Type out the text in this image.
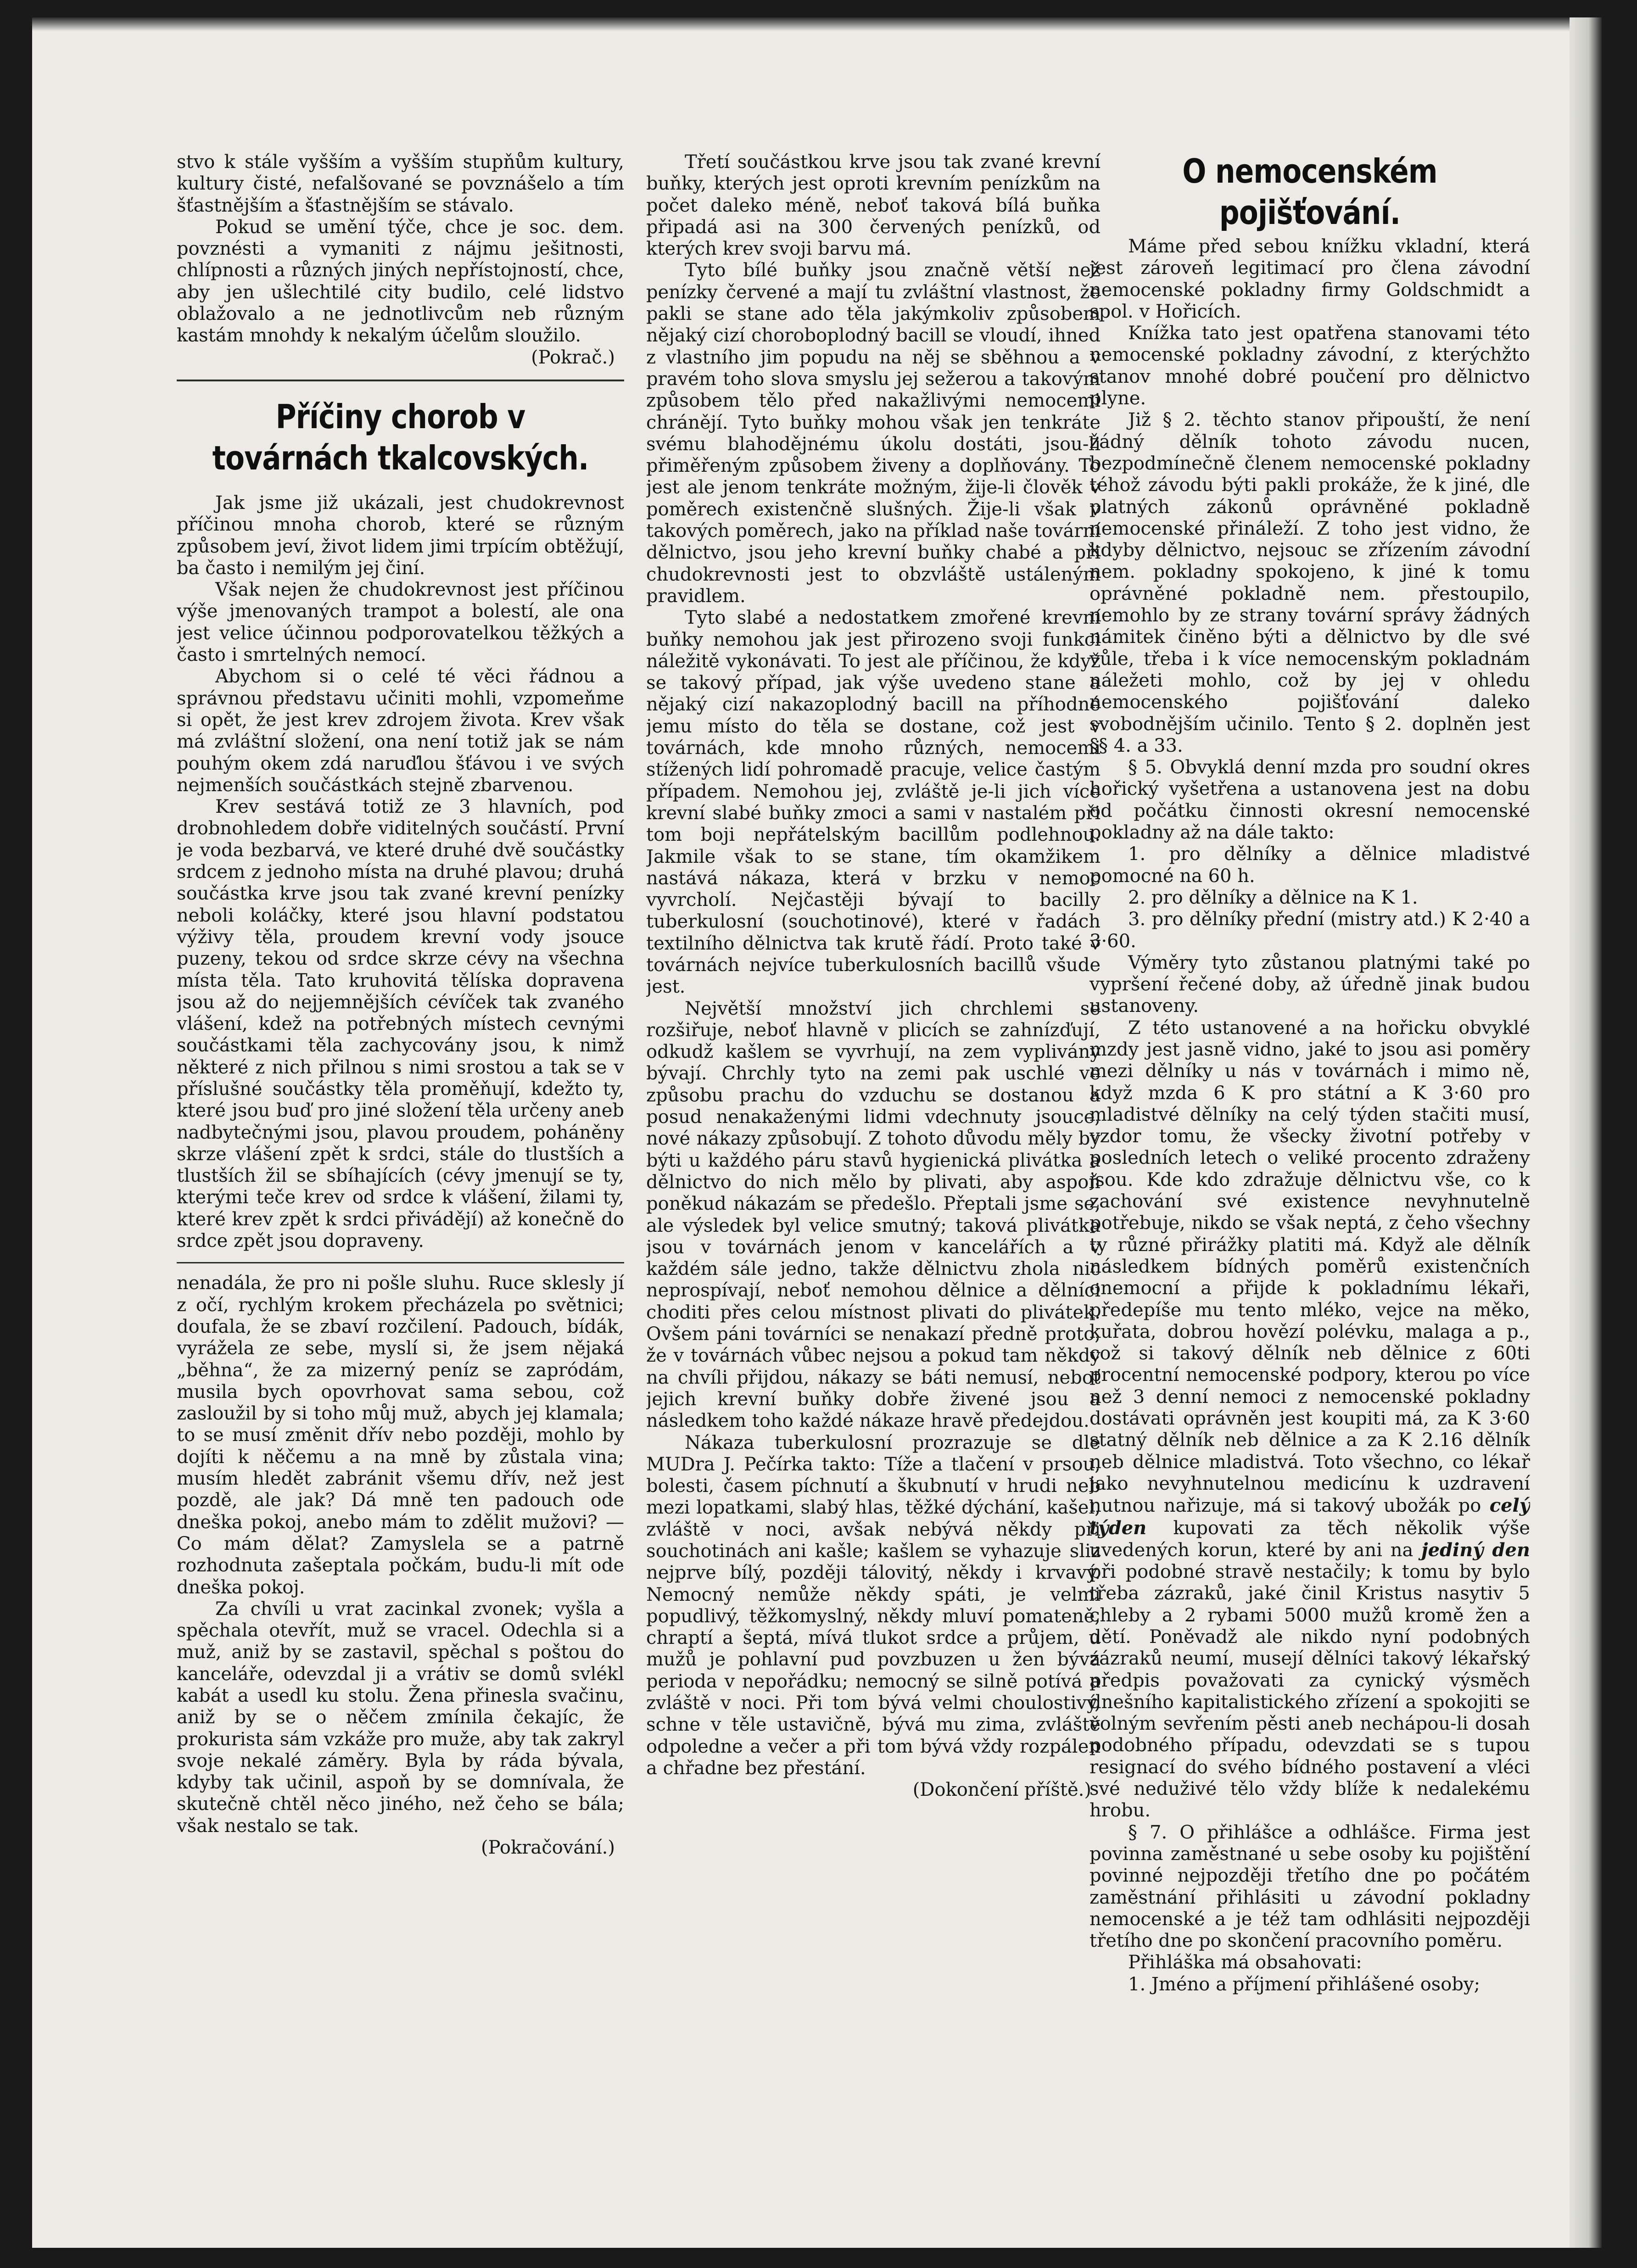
stvo k stále vyšším a vyšším stupňům kultury, kultury čisté, nefalšované se povznášelo a tím šťastnějším a šťastnějším se stávalo.

Pokud se umění týče, chce je soc. dem. povznésti a vymaniti z nájmu ješitnosti, chlípnosti a různých jiných nepřístojností, chce, aby jen ušlechtilé city budilo, celé lidstvo oblažovalo a ne jednotlivcům neb různým kastám mnohdy k nekalým účelům sloužilo.

(Pokrač.)

Příčiny chorob v továrnách tkalcovských.

Jak jsme již ukázali, jest chudokrevnost příčinou mnoha chorob, které se různým způsobem jeví, život lidem jimi trpícím obtěžují, ba často i nemilým jej činí.

Však nejen že chudokrevnost jest příčinou výše jmenovaných trampot a bolestí, ale ona jest velice účinnou podporovatelkou těžkých a často i smrtelných nemocí.

Abychom si o celé té věci řádnou a správnou představu učiniti mohli, vzpomeňme si opět, že jest krev zdrojem života. Krev však má zvláštní složení, ona není totiž jak se nám pouhým okem zdá naruďlou šťávou i ve svých nejmenších součástkách stejně zbarvenou.

Krev sestává totiž ze 3 hlavních, pod drobnohledem dobře viditelných součástí. První je voda bezbarvá, ve které druhé dvě součástky srdcem z jednoho místa na druhé plavou; druhá součástka krve jsou tak zvané krevní penízky neboli koláčky, které jsou hlavní podstatou výživy těla, proudem krevní vody jsouce puzeny, tekou od srdce skrze cévy na všechna místa těla. Tato kruhovitá tělíska dopravena jsou až do nejjemnějších cévíček tak zvaného vlášení, kdež na potřebných místech cevnými součástkami těla zachycovány jsou, k nimž některé z nich přilnou s nimi srostou a tak se v příslušné součástky těla proměňují, kdežto ty, které jsou buď pro jiné složení těla určeny aneb nadbytečnými jsou, plavou proudem, poháněny skrze vlášení zpět k srdci, stále do tlustších a tlustších žil se sbíhajících (cévy jmenují se ty, kterými teče krev od srdce k vlášení, žilami ty, které krev zpět k srdci přivádějí) až konečně do srdce zpět jsou dopraveny.

nenadála, že pro ni pošle sluhu. Ruce sklesly jí z očí, rychlým krokem přecházela po světnici; doufala, že se zbaví rozčilení. Padouch, bídák, vyrážela ze sebe, myslí si, že jsem nějaká „běhna“, že za mizerný peníz se zapródám, musila bych opovrhovat sama sebou, což zasloužil by si toho můj muž, abych jej klamala; to se musí změnit dřív nebo později, mohlo by dojíti k něčemu a na mně by zůstala vina; musím hledět zabránit všemu dřív, než jest pozdě, ale jak? Dá mně ten padouch ode dneška pokoj, anebo mám to zdělit mužovi? — Co mám dělat? Zamyslela se a patrně rozhodnuta zašeptala počkám, budu-li mít ode dneška pokoj.

Za chvíli u vrat zacinkal zvonek; vyšla a spěchala otevřít, muž se vracel. Odechla si a muž, aniž by se zastavil, spěchal s poštou do kanceláře, odevzdal ji a vrátiv se domů svlékl kabát a usedl ku stolu. Žena přinesla svačinu, aniž by se o něčem zmínila čekajíc, že prokurista sám vzkáže pro muže, aby tak zakryl svoje nekalé záměry. Byla by ráda bývala, kdyby tak učinil, aspoň by se domnívala, že skutečně chtěl něco jiného, než čeho se bála; však nestalo se tak.

(Pokračování.)

Třetí součástkou krve jsou tak zvané krevní buňky, kterých jest oproti krevním penízkům na počet daleko méně, neboť taková bílá buňka připadá asi na 300 červených penízků, od kterých krev svoji barvu má.

Tyto bílé buňky jsou značně větší než penízky červené a mají tu zvláštní vlastnost, že pakli se stane ado těla jakýmkoliv způsobem nějaký cizí choroboplodný bacill se vloudí, ihned z vlastního jim popudu na něj se sběhnou a v pravém toho slova smyslu jej sežerou a takovým způsobem tělo před nakažlivými nemocemi chránějí. Tyto buňky mohou však jen tenkráte svému blahodějnému úkolu dostáti, jsou-li přiměřeným způsobem živeny a doplňovány. To jest ale jenom tenkráte možným, žije-li člověk v poměrech existenčně slušných. Žije-li však v takových poměrech, jako na příklad naše tovární dělnictvo, jsou jeho krevní buňky chabé a při chudokrevnosti jest to obzvláště ustáleným pravidlem.

Tyto slabé a nedostatkem zmořené krevní buňky nemohou jak jest přirozeno svoji funkci náležitě vykonávati. To jest ale příčinou, že když se takový případ, jak výše uvedeno stane a nějaký cizí nakazoplodný bacill na příhodné jemu místo do těla se dostane, což jest v továrnách, kde mnoho různých, nemocemi stížených lidí pohromadě pracuje, velice častým případem. Nemohou jej, zvláště je-li jich více krevní slabé buňky zmoci a sami v nastalém při tom boji nepřátelským bacillům podlehnou. Jakmile však to se stane, tím okamžikem nastává nákaza, která v brzku v nemoc vyvrcholí. Nejčastěji bývají to bacilly tuberkulosní (souchotinové), které v řadách textilního dělnictva tak krutě řádí. Proto také v továrnách nejvíce tuberkulosních bacillů všude jest.

Největší množství jich chrchlemi se rozšiřuje, neboť hlavně v plicích se zahnízďují, odkudž kašlem se vyvrhují, na zem vyplivány bývají. Chrchly tyto na zemi pak uschlé ve způsobu prachu do vzduchu se dostanou a posud nenakaženými lidmi vdechnuty jsouce, nové nákazy způsobují. Z tohoto důvodu měly by býti u každého páru stavů hygienická plivátka a dělnictvo do nich mělo by plivati, aby aspoň poněkud nákazám se předešlo. Přeptali jsme se, ale výsledek byl velice smutný; taková plivátka jsou v továrnách jenom v kancelářích a v každém sále jedno, takže dělnictvu zhola nic neprospívají, neboť nemohou dělnice a dělníci choditi přes celou místnost plivati do plivátek. Ovšem páni továrníci se nenakazí předně proto, že v továrnách vůbec nejsou a pokud tam někdy na chvíli přijdou, nákazy se báti nemusí, neboť jejich krevní buňky dobře živené jsou a následkem toho každé nákaze hravě předejdou.

Nákaza tuberkulosní prozrazuje se dle MUDra J. Pečírka takto: Tíže a tlačení v prsou, bolesti, časem píchnutí a škubnutí v hrudi neb mezi lopatkami, slabý hlas, těžké dýchání, kašel, zvláště v noci, avšak nebývá někdy při souchotinách ani kašle; kašlem se vyhazuje sliz nejprve bílý, později tálovitý, někdy i krvavý. Nemocný nemůže někdy spáti, je velmi popudlivý, těžkomyslný, někdy mluví pomateně, chraptí a šeptá, mívá tlukot srdce a průjem, u mužů je pohlavní pud povzbuzen u žen bývá perioda v nepořádku; nemocný se silně potívá a zvláště v noci. Při tom bývá velmi choulostivý, schne v těle ustavičně, bývá mu zima, zvláště odpoledne a večer a při tom bývá vždy rozpálen a chřadne bez přestání.

(Dokončení příště.)

O nemocenském pojišťování.

Máme před sebou knížku vkladní, která jest zároveň legitimací pro člena závodní nemocenské pokladny firmy Goldschmidt a spol. v Hořicích.

Knížka tato jest opatřena stanovami této nemocenské pokladny závodní, z kterýchžto stanov mnohé dobré poučení pro dělnictvo plyne.

Již § 2. těchto stanov připouští, že není žádný dělník tohoto závodu nucen, bezpodmínečně členem nemocenské pokladny téhož závodu býti pakli prokáže, že k jiné, dle platných zákonů oprávněné pokladně nemocenské přináleží. Z toho jest vidno, že kdyby dělnictvo, nejsouc se zřízením závodní nem. pokladny spokojeno, k jiné k tomu oprávněné pokladně nem. přestoupilo, nemohlo by ze strany tovární správy žádných námitek činěno býti a dělnictvo by dle své vůle, třeba i k více nemocenským pokladnám náležeti mohlo, což by jej v ohledu nemocenského pojišťování daleko svobodnějším učinilo. Tento § 2. doplněn jest §§ 4. a 33.

§ 5. Obvyklá denní mzda pro soudní okres hořický vyšetřena a ustanovena jest na dobu od počátku činnosti okresní nemocenské pokladny až na dále takto:

1. pro dělníky a dělnice mladistvé pomocné na 60 h.

2. pro dělníky a dělnice na K 1.

3. pro dělníky přední (mistry atd.) K 2·40 a 3·60.

Výměry tyto zůstanou platnými také po vypršení řečené doby, až úředně jinak budou ustanoveny.

Z této ustanovené a na hořicku obvyklé mzdy jest jasně vidno, jaké to jsou asi poměry mezi dělníky u nás v továrnách i mimo ně, když mzda 6 K pro státní a K 3·60 pro mladistvé dělníky na celý týden stačiti musí, vzdor tomu, že všecky životní potřeby v posledních letech o veliké procento zdraženy jsou. Kde kdo zdražuje dělnictvu vše, co k zachování své existence nevyhnutelně potřebuje, nikdo se však neptá, z čeho všechny ty různé přirážky platiti má. Když ale dělník následkem bídných poměrů existenčních onemocní a přijde k pokladnímu lékaři, předepíše mu tento mléko, vejce na měko, kuřata, dobrou hovězí polévku, malaga a p., což si takový dělník neb dělnice z 60ti procentní nemocenské podpory, kterou po více než 3 denní nemoci z nemocenské pokladny dostávati oprávněn jest koupiti má, za K 3·60 statný dělník neb dělnice a za K 2.16 dělník neb dělnice mladistvá. Toto všechno, co lékař jako nevyhnutelnou medicínu k uzdravení nutnou nařizuje, má si takový ubožák po celý týden kupovati za těch několik výše uvedených korun, které by ani na jediný den při podobné stravě nestačily; k tomu by bylo třeba zázraků, jaké činil Kristus nasytiv 5 chleby a 2 rybami 5000 mužů kromě žen a dětí. Poněvadž ale nikdo nyní podobných zázraků neumí, musejí dělníci takový lékařský předpis považovati za cynický výsměch dnešního kapitalistického zřízení a spokojiti se volným sevřením pěsti aneb nechápou-li dosah podobného případu, odevzdati se s tupou resignací do svého bídného postavení a vléci své neduživé tělo vždy blíže k nedalekému hrobu.

§ 7. O přihlášce a odhlášce. Firma jest povinna zaměstnané u sebe osoby ku pojištění povinné nejpozději třetího dne po počátém zaměstnání přihlásiti u závodní pokladny nemocenské a je též tam odhlásiti nejpozději třetího dne po skončení pracovního poměru.

Přihláška má obsahovati:

1. Jméno a příjmení přihlášené osoby;
